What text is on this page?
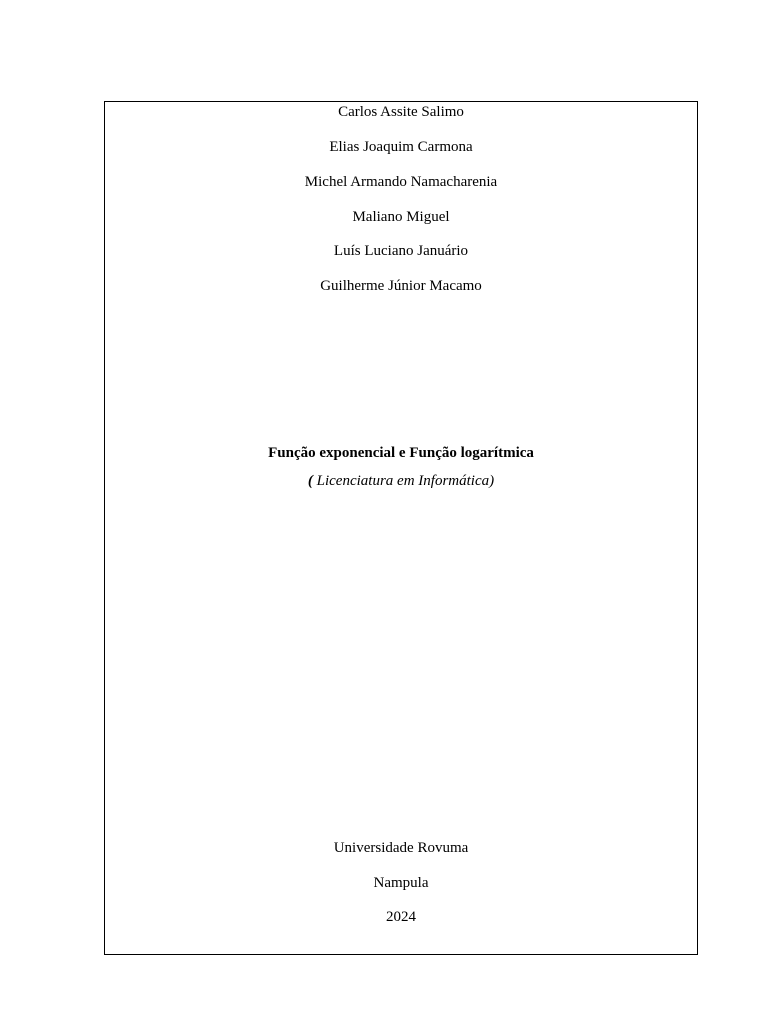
Carlos Assite Salimo
Elias Joaquim Carmona
Michel Armando Namacharenia
Maliano Miguel
Luís Luciano Januário
Guilherme Júnior Macamo
Função exponencial e Função logarítmica
( Licenciatura em Informática)
Universidade Rovuma
Nampula
2024
